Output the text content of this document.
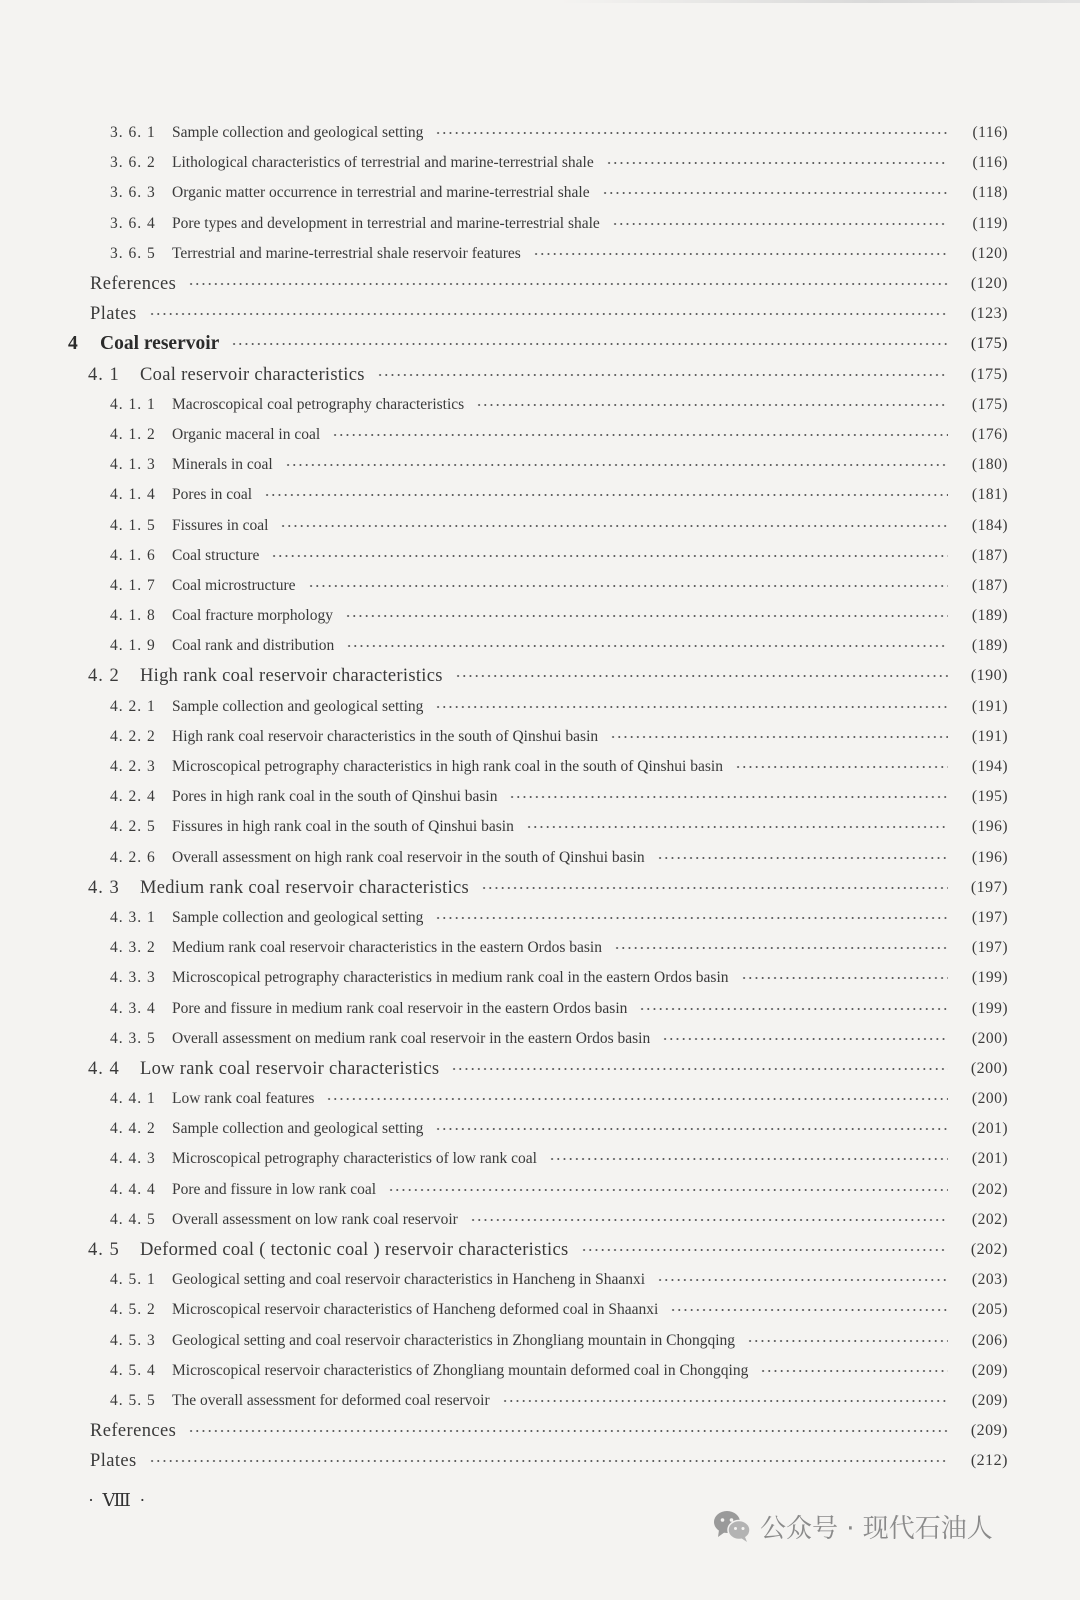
3. 6. 1 Sample collection and geological setting	(116)
3. 6. 2 Lithological characteristics of terrestrial and marine-terrestrial shale	(116)
3. 6. 3 Organic matter occurrence in terrestrial and marine-terrestrial shale	(118)
3. 6. 4 Pore types and development in terrestrial and marine-terrestrial shale	(119)
3. 6. 5 Terrestrial and marine-terrestrial shale reservoir features	(120)
References	(120)
Plates	(123)
4 Coal reservoir	(175)
4. 1 Coal reservoir characteristics	(175)
4. 1. 1 Macroscopical coal petrography characteristics	(175)
4. 1. 2 Organic maceral in coal	(176)
4. 1. 3 Minerals in coal	(180)
4. 1. 4 Pores in coal	(181)
4. 1. 5 Fissures in coal	(184)
4. 1. 6 Coal structure	(187)
4. 1. 7 Coal microstructure	(187)
4. 1. 8 Coal fracture morphology	(189)
4. 1. 9 Coal rank and distribution	(189)
4. 2 High rank coal reservoir characteristics	(190)
4. 2. 1 Sample collection and geological setting	(191)
4. 2. 2 High rank coal reservoir characteristics in the south of Qinshui basin	(191)
4. 2. 3 Microscopical petrography characteristics in high rank coal in the south of Qinshui basin	(194)
4. 2. 4 Pores in high rank coal in the south of Qinshui basin	(195)
4. 2. 5 Fissures in high rank coal in the south of Qinshui basin	(196)
4. 2. 6 Overall assessment on high rank coal reservoir in the south of Qinshui basin	(196)
4. 3 Medium rank coal reservoir characteristics	(197)
4. 3. 1 Sample collection and geological setting	(197)
4. 3. 2 Medium rank coal reservoir characteristics in the eastern Ordos basin	(197)
4. 3. 3 Microscopical petrography characteristics in medium rank coal in the eastern Ordos basin	(199)
4. 3. 4 Pore and fissure in medium rank coal reservoir in the eastern Ordos basin	(199)
4. 3. 5 Overall assessment on medium rank coal reservoir in the eastern Ordos basin	(200)
4. 4 Low rank coal reservoir characteristics	(200)
4. 4. 1 Low rank coal features	(200)
4. 4. 2 Sample collection and geological setting	(201)
4. 4. 3 Microscopical petrography characteristics of low rank coal	(201)
4. 4. 4 Pore and fissure in low rank coal	(202)
4. 4. 5 Overall assessment on low rank coal reservoir	(202)
4. 5 Deformed coal ( tectonic coal ) reservoir characteristics	(202)
4. 5. 1 Geological setting and coal reservoir characteristics in Hancheng in Shaanxi	(203)
4. 5. 2 Microscopical reservoir characteristics of Hancheng deformed coal in Shaanxi	(205)
4. 5. 3 Geological setting and coal reservoir characteristics in Zhongliang mountain in Chongqing	(206)
4. 5. 4 Microscopical reservoir characteristics of Zhongliang mountain deformed coal in Chongqing	(209)
4. 5. 5 The overall assessment for deformed coal reservoir	(209)
References	(209)
Plates	(212)
· Ⅷ ·
公众号 · 现代石油人
